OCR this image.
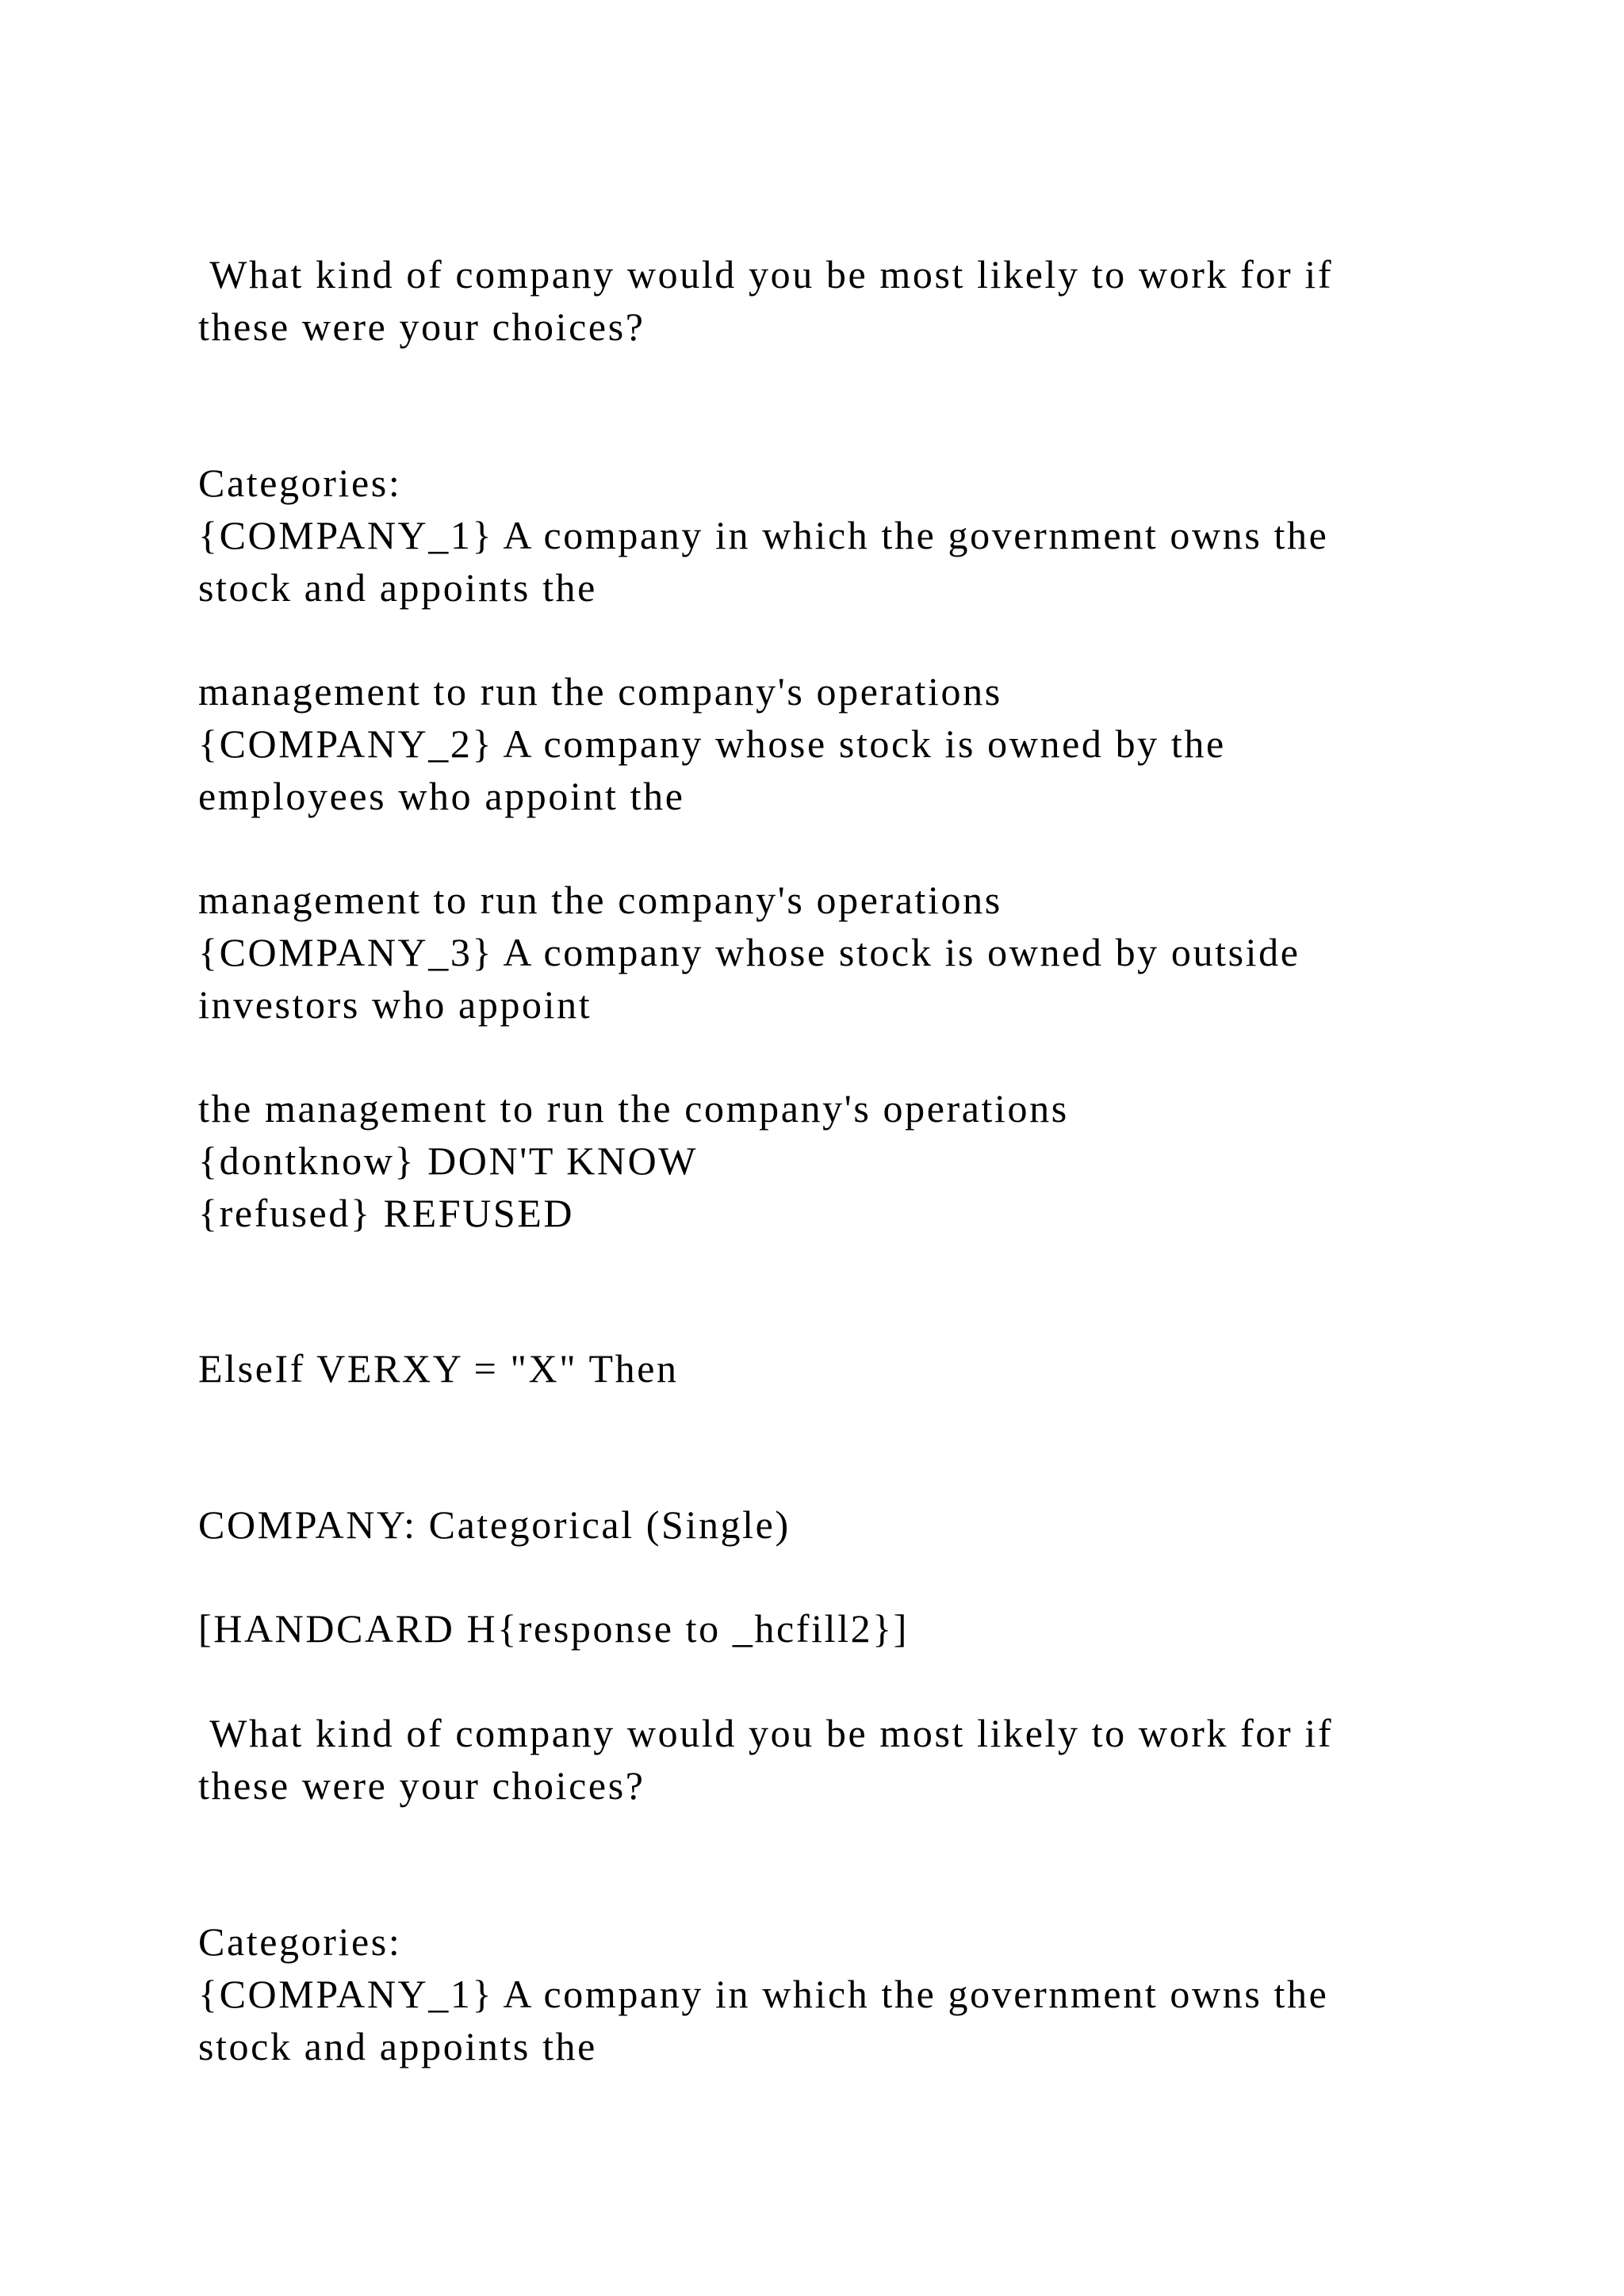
What kind of company would you be most likely to work for if
these were your choices?
Categories:
{COMPANY_1} A company in which the government owns the
stock and appoints the
management to run the company's operations
{COMPANY_2} A company whose stock is owned by the
employees who appoint the
management to run the company's operations
{COMPANY_3} A company whose stock is owned by outside
investors who appoint
the management to run the company's operations
{dontknow} DON'T KNOW
{refused} REFUSED
ElseIf VERXY = "X" Then
COMPANY: Categorical (Single)
[HANDCARD H{response to _hcfill2}]
What kind of company would you be most likely to work for if
these were your choices?
Categories:
{COMPANY_1} A company in which the government owns the
stock and appoints the
